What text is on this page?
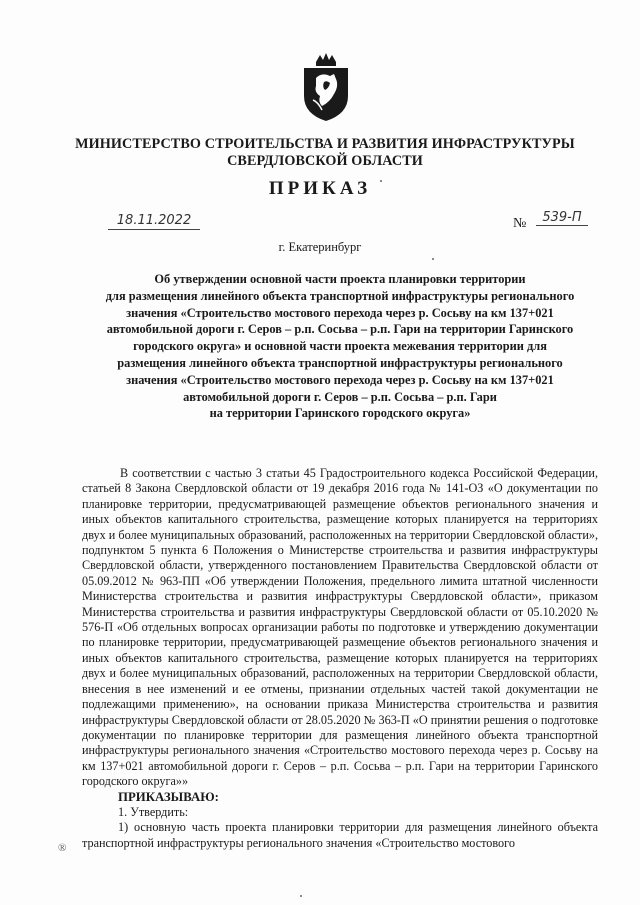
МИНИСТЕРСТВО СТРОИТЕЛЬСТВА И РАЗВИТИЯ ИНФРАСТРУКТУРЫ
СВЕРДЛОВСКОЙ ОБЛАСТИ
ПРИКАЗ
18.11.2022	№	539-П
г. Екатеринбург
Об утверждении основной части проекта планировки территории
для размещения линейного объекта транспортной инфраструктуры регионального
значения «Строительство мостового перехода через р. Сосьву на км 137+021
автомобильной дороги г. Серов – р.п. Сосьва – р.п. Гари на территории Гаринского
городского округа» и основной части проекта межевания территории для
размещения линейного объекта транспортной инфраструктуры регионального
значения «Строительство мостового перехода через р. Сосьву на км 137+021
автомобильной дороги г. Серов – р.п. Сосьва – р.п. Гари
на территории Гаринского городского округа»

В соответствии с частью 3 статьи 45 Градостроительного кодекса Российской Федерации, статьей 8 Закона Свердловской области от 19 декабря 2016 года № 141-ОЗ «О документации по планировке территории, предусматривающей размещение объектов регионального значения и иных объектов капитального строительства, размещение которых планируется на территориях двух и более муниципальных образований, расположенных на территории Свердловской области», подпунктом 5 пункта 6 Положения о Министерстве строительства и развития инфраструктуры Свердловской области, утвержденного постановлением Правительства Свердловской области от 05.09.2012 № 963-ПП «Об утверждении Положения, предельного лимита штатной численности Министерства строительства и развития инфраструктуры Свердловской области», приказом Министерства строительства и развития инфраструктуры Свердловской области от 05.10.2020 № 576-П «Об отдельных вопросах организации работы по подготовке и утверждению документации по планировке территории, предусматривающей размещение объектов регионального значения и иных объектов капитального строительства, размещение которых планируется на территориях двух и более муниципальных образований, расположенных на территории Свердловской области, внесения в нее изменений и ее отмены, признании отдельных частей такой документации не подлежащими применению», на основании приказа Министерства строительства и развития инфраструктуры Свердловской области от 28.05.2020 № 363-П «О принятии решения о подготовке документации по планировке территории для размещения линейного объекта транспортной инфраструктуры регионального значения «Строительство мостового перехода через р. Сосьву на км 137+021 автомобильной дороги г. Серов – р.п. Сосьва – р.п. Гари на территории Гаринского городского округа»»

ПРИКАЗЫВАЮ:

1. Утвердить:

1) основную часть проекта планировки территории для размещения линейного объекта транспортной инфраструктуры регионального значения «Строительство мостового

®
